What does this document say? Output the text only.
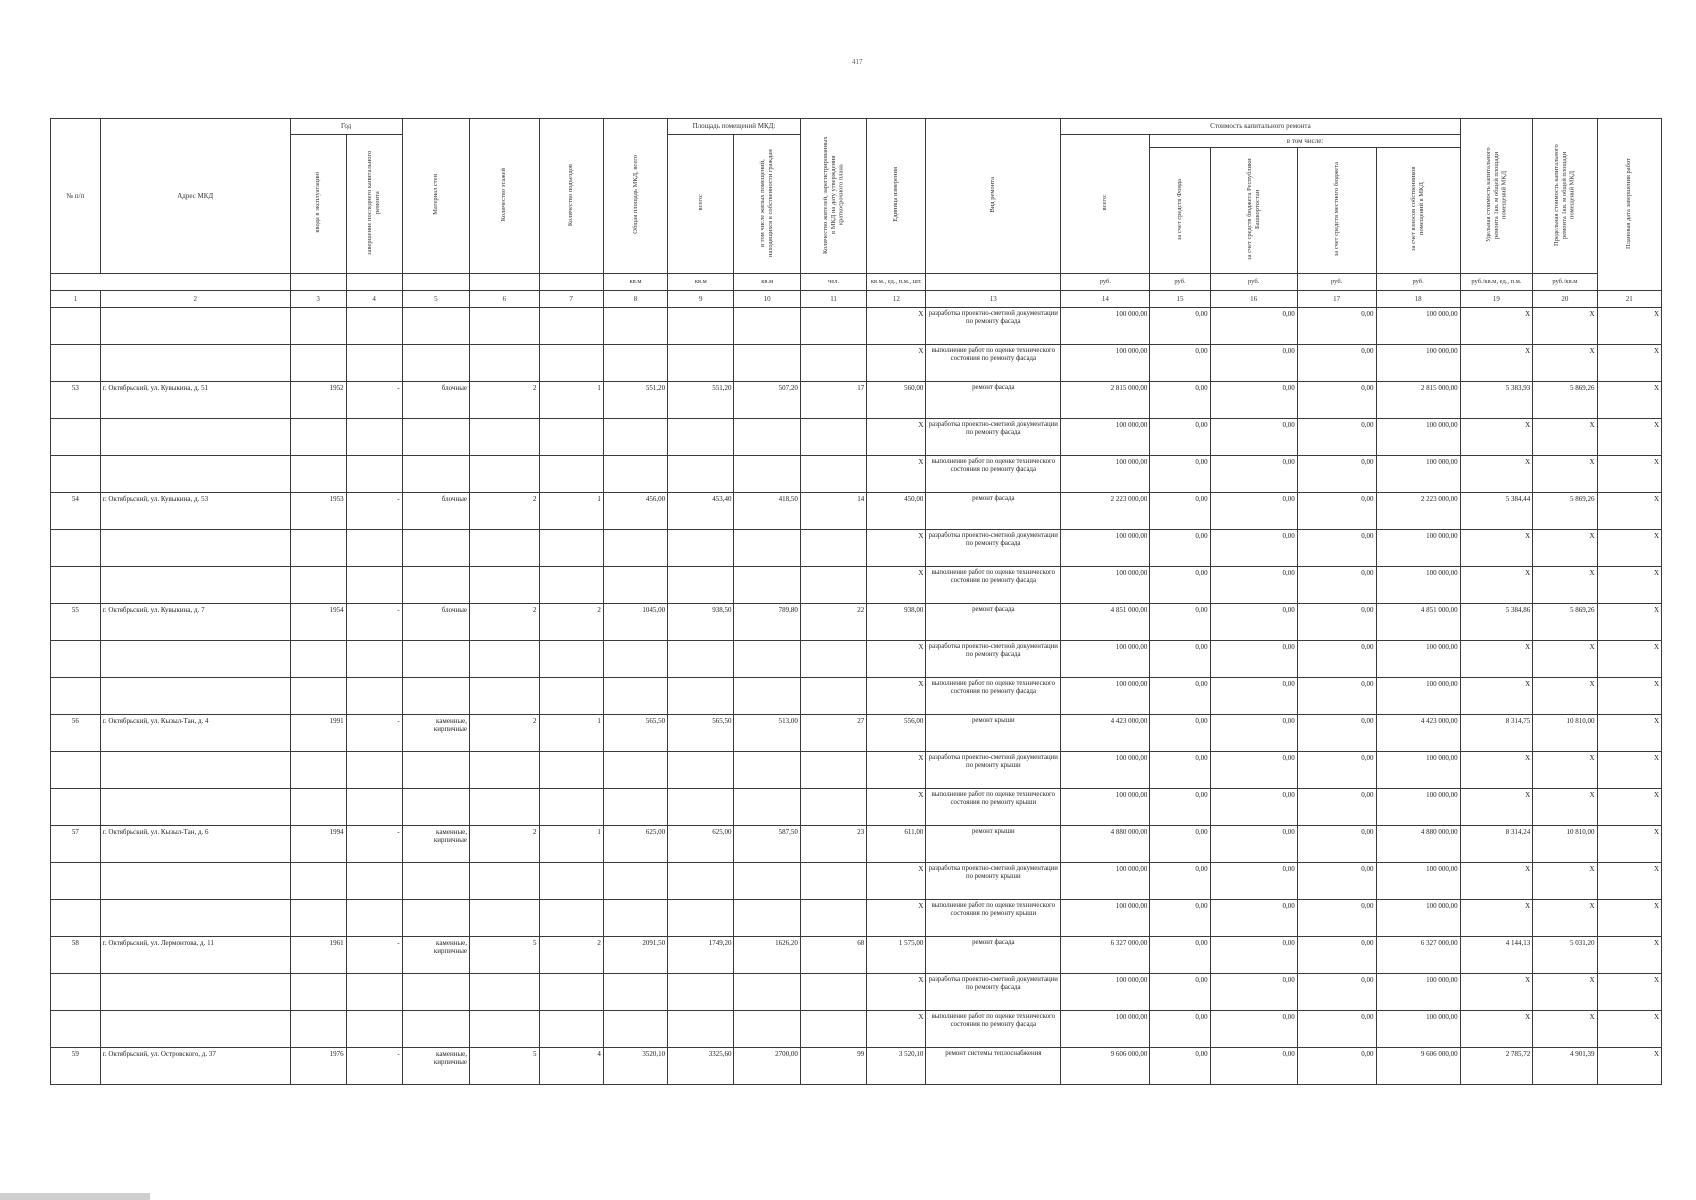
417
№ п/п	Адрес МКД	Год		Материал стен	Количество этажей	Количество подъездов	Общая площадь МКД, всего	Площадь помещений МКД:		Количество жителей, зарегистрированных в МКД на дату утверждения краткосрочного плана	Единица измерения	Вид ремонта	Стоимость капитального ремонта					Удельная стоимость капитального ремонта 1кв. м общей площади помещений МКД	Предельная стоимость капитального ремонта 1кв. м общей площади помещений МКД	Плановая дата завершения работ
		ввода в эксплуатацию	завершение последнего капитального ремонта					всего:	в том числе жилых помещений, находящихся в собственности граждан				всего:	в том числе:						
														за счет средств Фонда	за счет средств бюджета Республики Башкортостан	за счет средств местного бюджета	за счет взносов собственников помещений в МКД			
							кв.м	кв.м	кв.м	чел.	кв.м., ед., п.м., шт.		руб.	руб.	руб.	руб.	руб.	руб./кв.м, ед., п.м.	руб./кв.м	
1	2	3	4	5	6	7	8	9	10	11	12	13	14	15	16	17	18	19	20	21
											X	разработка проектно-сметной документации по ремонту фасада	100 000,00	0,00	0,00	0,00	100 000,00	X	X	X
											X	выполнение работ по оценке технического состояния по ремонту фасада	100 000,00	0,00	0,00	0,00	100 000,00	X	X	X
53	г. Октябрьский, ул. Кувыкина, д. 51	1952	-	блочные	2	1	551,20	551,20	507,20	17	560,00	ремонт фасада	2 815 000,00	0,00	0,00	0,00	2 815 000,00	5 383,93	5 869,26	X
											X	разработка проектно-сметной документации по ремонту фасада	100 000,00	0,00	0,00	0,00	100 000,00	X	X	X
											X	выполнение работ по оценке технического состояния по ремонту фасада	100 000,00	0,00	0,00	0,00	100 000,00	X	X	X
54	г. Октябрьский, ул. Кувыкина, д. 53	1953	-	блочные	2	1	456,00	453,40	418,50	14	450,00	ремонт фасада	2 223 000,00	0,00	0,00	0,00	2 223 000,00	5 384,44	5 869,26	X
											X	разработка проектно-сметной документации по ремонту фасада	100 000,00	0,00	0,00	0,00	100 000,00	X	X	X
											X	выполнение работ по оценке технического состояния по ремонту фасада	100 000,00	0,00	0,00	0,00	100 000,00	X	X	X
55	г. Октябрьский, ул. Кувыкина, д. 7	1954	-	блочные	2	2	1045,00	938,50	789,80	22	938,00	ремонт фасада	4 851 000,00	0,00	0,00	0,00	4 851 000,00	5 384,86	5 869,26	X
											X	разработка проектно-сметной документации по ремонту фасада	100 000,00	0,00	0,00	0,00	100 000,00	X	X	X
											X	выполнение работ по оценке технического состояния по ремонту фасада	100 000,00	0,00	0,00	0,00	100 000,00	X	X	X
56	г. Октябрьский, ул. Кызыл-Тан, д. 4	1991	-	каменные, кирпичные	2	1	565,50	565,50	513,00	27	556,00	ремонт крыши	4 423 000,00	0,00	0,00	0,00	4 423 000,00	8 314,75	10 810,00	X
											X	разработка проектно-сметной документации по ремонту крыши	100 000,00	0,00	0,00	0,00	100 000,00	X	X	X
											X	выполнение работ по оценке технического состояния по ремонту крыши	100 000,00	0,00	0,00	0,00	100 000,00	X	X	X
57	г. Октябрьский, ул. Кызыл-Тан, д. 6	1994	-	каменные, кирпичные	2	1	625,00	625,00	587,50	23	611,00	ремонт крыши	4 880 000,00	0,00	0,00	0,00	4 880 000,00	8 314,24	10 810,00	X
											X	разработка проектно-сметной документации по ремонту крыши	100 000,00	0,00	0,00	0,00	100 000,00	X	X	X
											X	выполнение работ по оценке технического состояния по ремонту крыши	100 000,00	0,00	0,00	0,00	100 000,00	X	X	X
58	г. Октябрьский, ул. Лермонтова, д. 11	1961	-	каменные, кирпичные	5	2	2091,50	1749,20	1626,20	68	1 575,00	ремонт фасада	6 327 000,00	0,00	0,00	0,00	6 327 000,00	4 144,13	5 031,20	X
											X	разработка проектно-сметной документации по ремонту фасада	100 000,00	0,00	0,00	0,00	100 000,00	X	X	X
											X	выполнение работ по оценке технического состояния по ремонту фасада	100 000,00	0,00	0,00	0,00	100 000,00	X	X	X
59	г. Октябрьский, ул. Островского, д. 37	1976	-	каменные, кирпичные	5	4	3520,10	3325,60	2700,00	99	3 520,10	ремонт системы теплоснабжения	9 606 000,00	0,00	0,00	0,00	9 606 000,00	2 785,72	4 901,39	X
